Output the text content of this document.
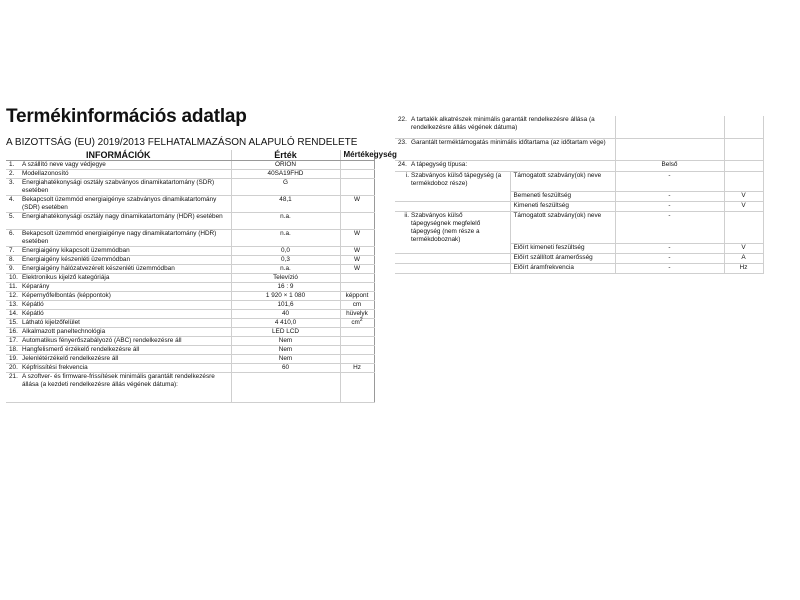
Termékinformációs adatlap
A BIZOTTSÁG (EU) 2019/2013 FELHATALMAZÁSON ALAPULÓ RENDELETE
INFORMÁCIÓK	Érték	Mértékegység
1. A szállító neve vagy védjegye	ORION	
2. Modellazonosító	40SA19FHD	
3. Energiahatékonysági osztály szabványos dinamikatartomány (SDR) esetében	G	
4. Bekapcsolt üzemmód energiaigénye szabványos dinamikatartomány (SDR) esetében	48,1	W
5. Energiahatékonysági osztály nagy dinamikatartomány (HDR) esetében	n.a.	
6. Bekapcsolt üzemmód energiaigénye nagy dinamikatartomány (HDR) esetében	n.a.	W
7. Energiaigény kikapcsolt üzemmódban	0,0	W
8. Energiaigény készenléti üzemmódban	0,3	W
9. Energiaigény hálózatvezérelt készenléti üzemmódban	n.a.	W
10. Elektronikus kijelző kategóriája	Televízió	
11. Képarány	16 : 9	
12. Képernyőfelbontás (képpontok)	1 920 × 1 080	képpont
13. Képátló	101,6	cm
14. Képátló	40	hüvelyk
15. Látható kijelzőfelület	4 410,0	$cm^2$
16. Alkalmazott paneltechnológia	LED LCD	
17. Automatikus fényerőszabályozó (ABC) rendelkezésre áll	Nem	
18. Hangfelismerő érzékelő rendelkezésre áll	Nem	
19. Jelenlétérzékelő rendelkezésre áll	Nem	
20. Képfrissítési frekvencia	60	Hz
21. A szoftver- és firmware-frissítések minimális garantált rendelkezésre állása (a kezdeti rendelkezésre állás végének dátuma):		
22. A tartalék alkatrészek minimális garantált rendelkezésre állása (a rendelkezésre állás végének dátuma)			
23. Garantált terméktámogatás minimális időtartama (az időtartam vége)			
24. A tápegység típusa:		Belső	
i. Szabványos külső tápegység (a termékdoboz része)	Támogatott szabvány(ok) neve	-	
	Bemeneti feszültség	-	V
	Kimeneti feszültség	-	V
ii. Szabványos külső tápegységnek megfelelő tápegység (nem része a termékdoboznak)	Támogatott szabvány(ok) neve	-	
	Előírt kimeneti feszültség	-	V
	Előírt szállított áramerősség	-	A
	Előírt áramfrekvencia	-	Hz
